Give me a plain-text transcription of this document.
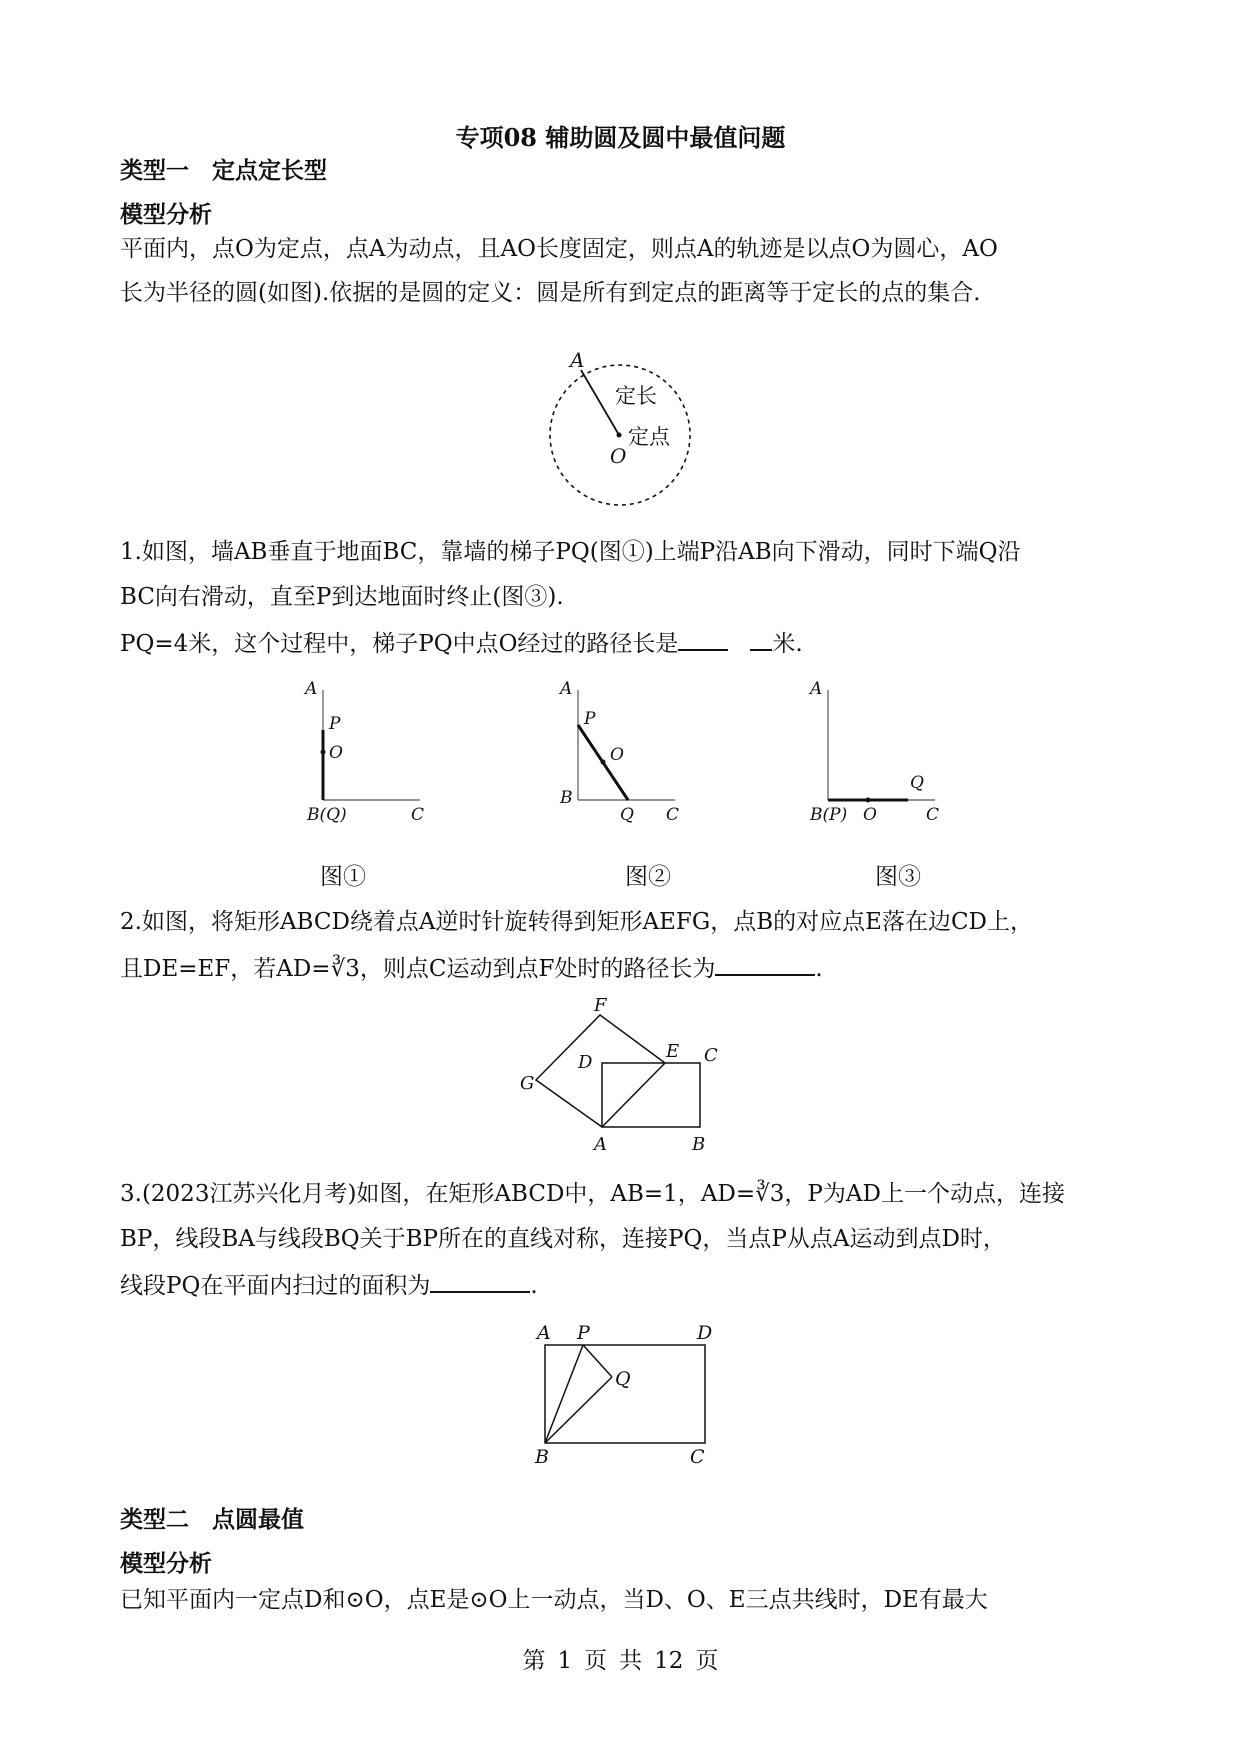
专项08 辅助圆及圆中最值问题
类型一　定点定长型
模型分析
平面内，点O为定点，点A为动点，且AO长度固定，则点A的轨迹是以点O为圆心，AO
长为半径的圆(如图).依据的是圆的定义：圆是所有到定点的距离等于定长的点的集合.
A
O
定长
定点
1.如图，墙AB垂直于地面BC，靠墙的梯子PQ(图①)上端P沿AB向下滑动，同时下端Q沿
BC向右滑动，直至P到达地面时终止(图③).
PQ=4米，这个过程中，梯子PQ中点O经过的路径长是	米.
A
P
O
B(Q)	C
图①
A
P
O
B
Q C
图②
A
Q
B(P) O	C
图③
2.如图，将矩形ABCD绕着点A逆时针旋转得到矩形AEFG，点B的对应点E落在边CD上，
且DE=EF，若AD=∛3，则点C运动到点F处时的路径长为	.
F
D
E C
G
A	B
3.(2023江苏兴化月考)如图，在矩形ABCD中，AB=1，AD=∛3，P为AD上一个动点，连接
BP，线段BA与线段BQ关于BP所在的直线对称，连接PQ，当点P从点A运动到点D时，
线段PQ在平面内扫过的面积为	.
A P	D
Q
B	C
类型二　点圆最值
模型分析
已知平面内一定点D和⊙O，点E是⊙O上一动点，当D、O、E三点共线时，DE有最大
第 1 页 共 12 页
